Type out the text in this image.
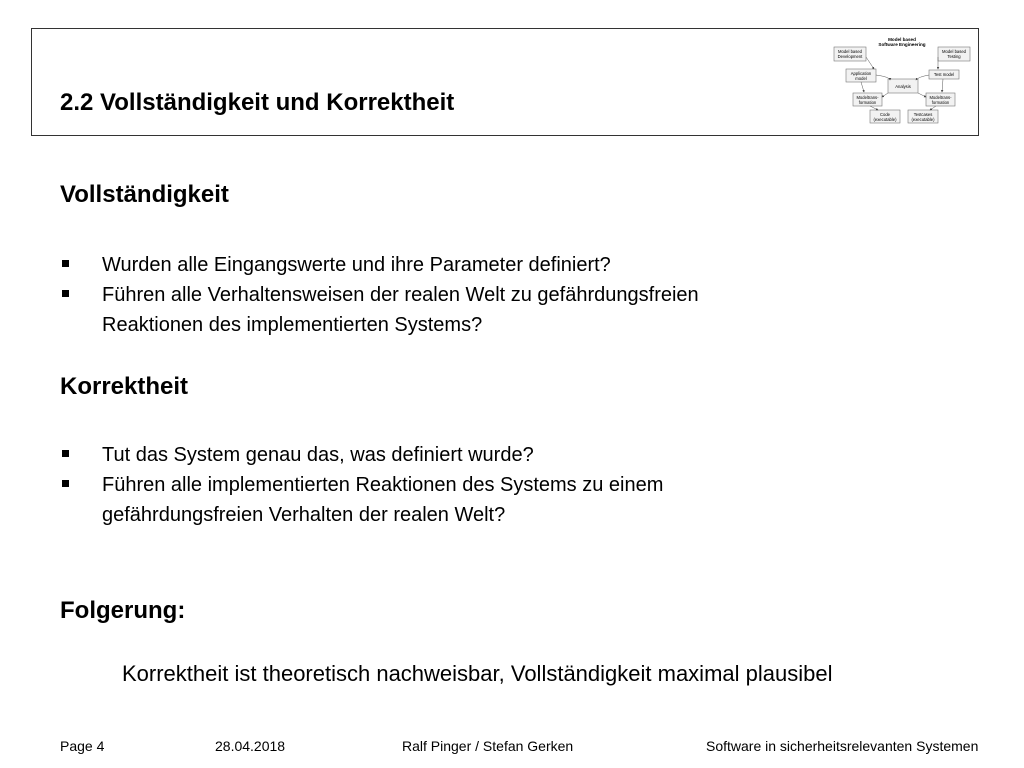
2.2 Vollständigkeit und Korrektheit
Model based
Software Engineering
Model based
Development
Model based
Testing
Application
model
Test model
Analysis
Modeltrans-
formation
Modeltrans-
formation
Code
(executable)
Testcases
(executable)
Vollständigkeit
Wurden alle Eingangswerte und ihre Parameter definiert?
Führen alle Verhaltensweisen der realen Welt zu gefährdungsfreien
Reaktionen des implementierten Systems?
Korrektheit
Tut das System genau das, was definiert wurde?
Führen alle implementierten Reaktionen des Systems zu einem
gefährdungsfreien Verhalten der realen Welt?
Folgerung:

Korrektheit ist theoretisch nachweisbar, Vollständigkeit maximal plausibel

Page 4	28.04.2018	Ralf Pinger / Stefan Gerken	Software in sicherheitsrelevanten Systemen
